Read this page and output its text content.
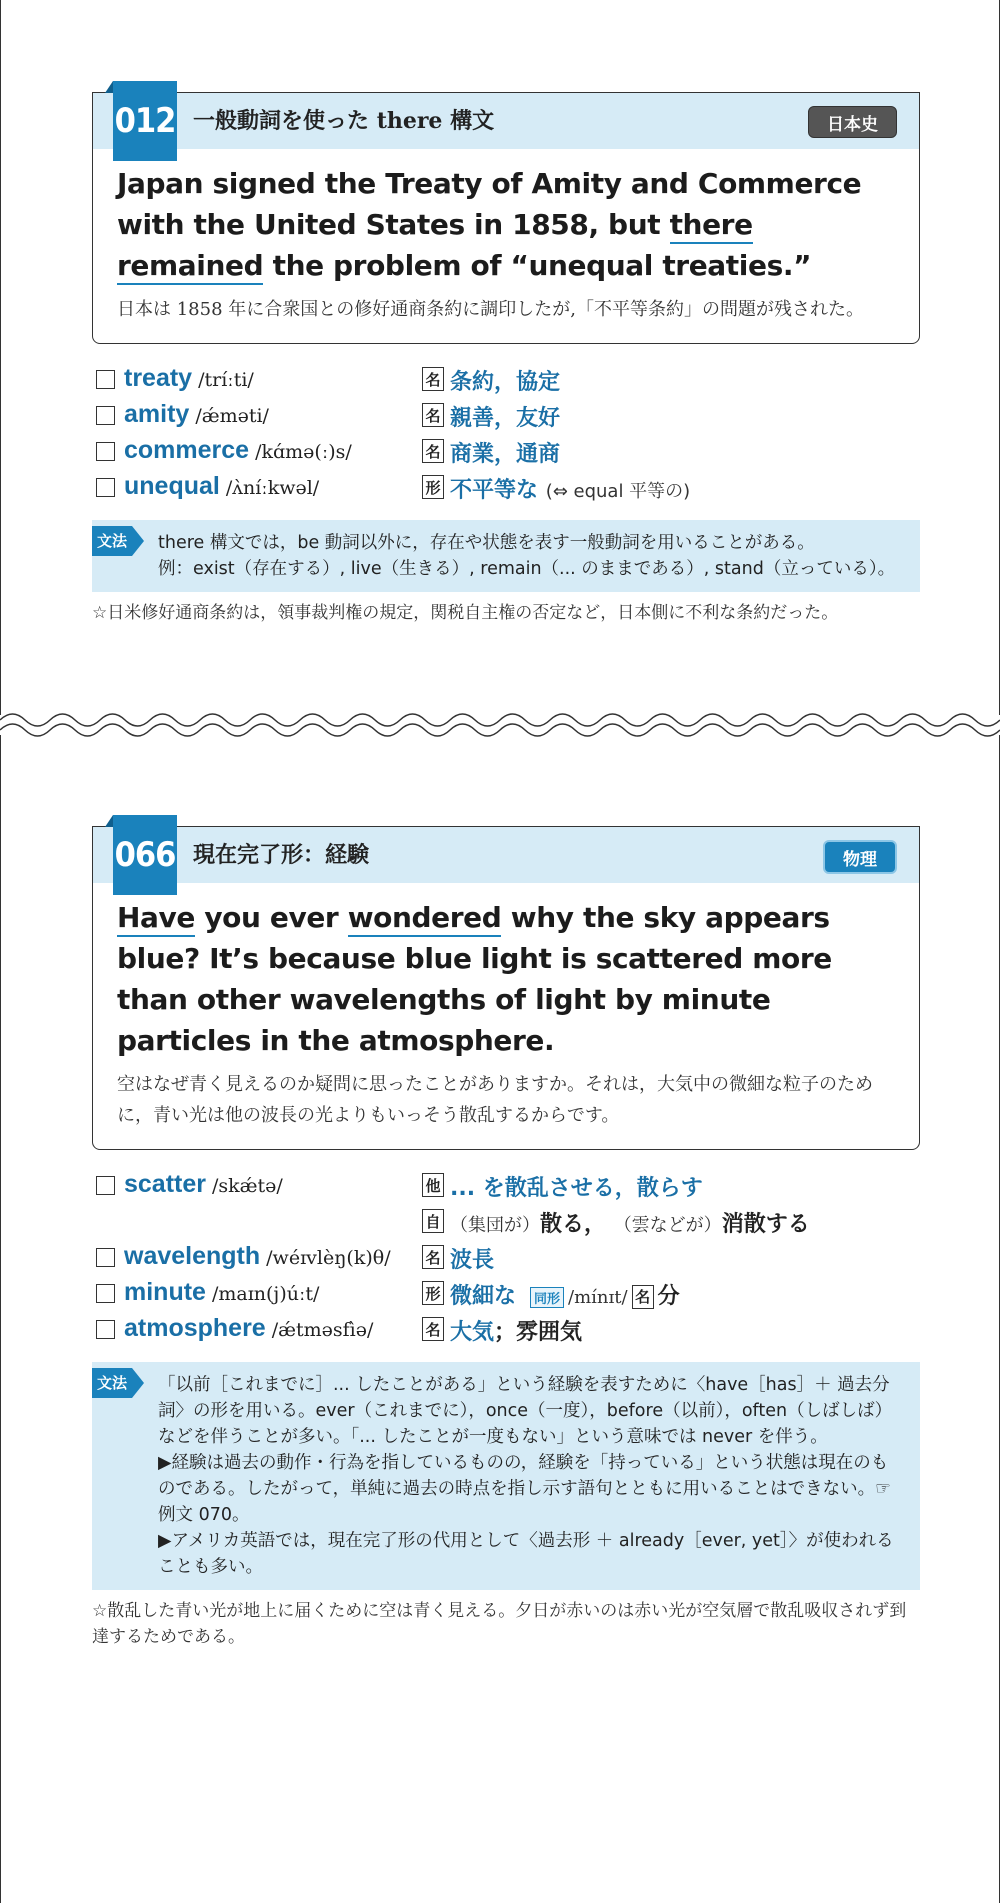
012 一般動詞を使った there 構文	日本史
Japan signed the Treaty of Amity and Commerce with the United States in 1858, but there remained the problem of “unequal treaties.”
日本は 1858 年に合衆国との修好通商条約に調印したが,「不平等条約」の問題が残された。
treaty /tríːti/	名 条約，協定
amity /ǽməti/	名 親善，友好
commerce /kɑ́mə(ː)s/	名 商業，通商
unequal /ʌ̀níːkwəl/	形 不平等な (⇔ equal 平等の)
文法 there 構文では，be 動詞以外に，存在や状態を表す一般動詞を用いることがある。

例：exist（存在する）, live（生きる）, remain（... のままである）, stand（立っている）。

☆日米修好通商条約は，領事裁判権の規定，関税自主権の否定など，日本側に不利な条約だった。
066 現在完了形：経験	物理
Have you ever wondered why the sky appears blue? It’s because blue light is scattered more than other wavelengths of light by minute particles in the atmosphere.
空はなぜ青く見えるのか疑問に思ったことがありますか。それは，大気中の微細な粒子のために，青い光は他の波長の光よりもいっそう散乱するからです。
scatter /skǽtə/	他 ... を散乱させる，散らす
自 （集団が）散る， （雲などが）消散する
wavelength /wéɪvlèŋ(k)θ/ 名 波長
minute /maɪn(j)úːt/	形 微細な 同形 /mínɪt/ 名 分
atmosphere /ǽtməsfìə/	名 大気；雰囲気
文法 「以前［これまでに］... したことがある」という経験を表すために〈have［has］＋ 過去分詞〉の形を用いる。ever（これまでに），once（一度），before（以前），often（しばしば）などを伴うことが多い。「... したことが一度もない」という意味では never を伴う。

▶経験は過去の動作・行為を指しているものの，経験を「持っている」という状態は現在のものである。したがって，単純に過去の時点を指し示す語句とともに用いることはできない。☞例文 070。

▶アメリカ英語では，現在完了形の代用として〈過去形 ＋ already［ever, yet］〉が使われることも多い。

☆散乱した青い光が地上に届くために空は青く見える。夕日が赤いのは赤い光が空気層で散乱吸収されず到達するためである。
